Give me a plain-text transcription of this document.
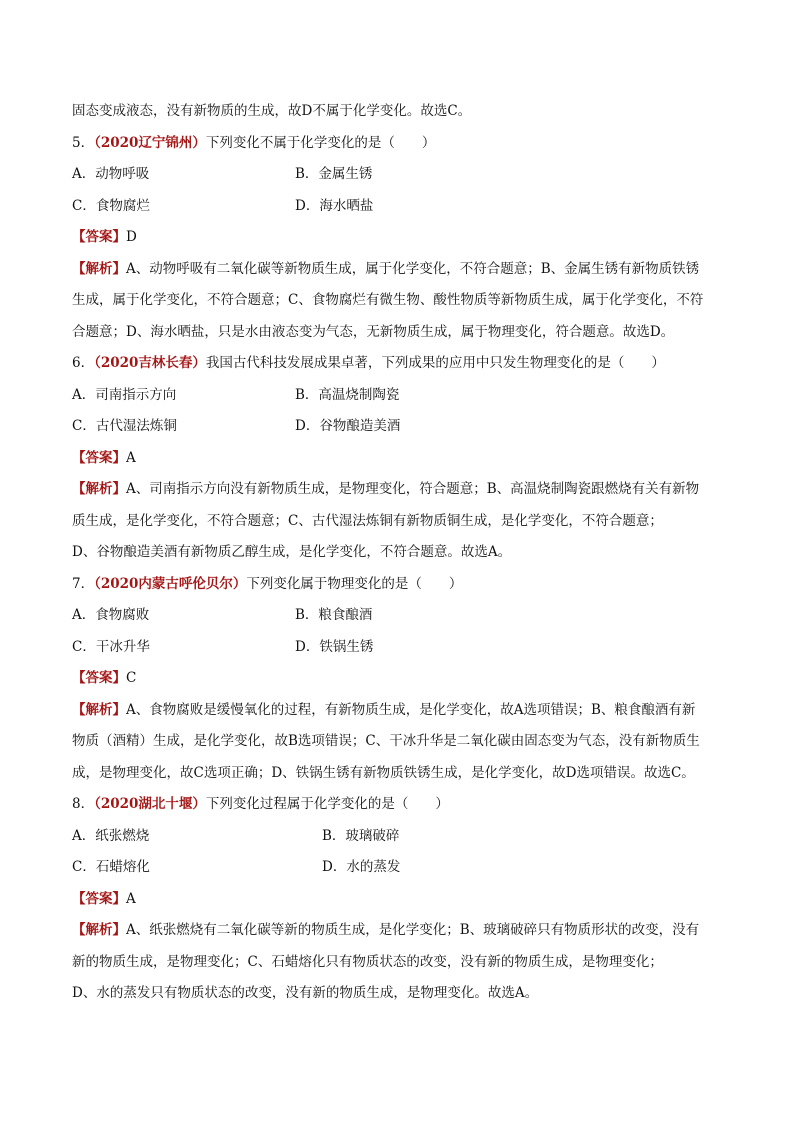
固态变成液态，没有新物质的生成，故D不属于化学变化。故选C。
5．（2020辽宁锦州）下列变化不属于化学变化的是（　　）
A．动物呼吸	B．金属生锈
C．食物腐烂	D．海水晒盐
【答案】D
【解析】A、动物呼吸有二氧化碳等新物质生成，属于化学变化，不符合题意；B、金属生锈有新物质铁锈
生成，属于化学变化，不符合题意；C、食物腐烂有微生物、酸性物质等新物质生成，属于化学变化，不符
合题意；D、海水晒盐，只是水由液态变为气态，无新物质生成，属于物理变化，符合题意。故选D。
6．（2020吉林长春）我国古代科技发展成果卓著，下列成果的应用中只发生物理变化的是（　　）
A．司南指示方向	B．高温烧制陶瓷
C．古代湿法炼铜	D．谷物酿造美酒
【答案】A
【解析】A、司南指示方向没有新物质生成，是物理变化，符合题意；B、高温烧制陶瓷跟燃烧有关有新物
质生成，是化学变化，不符合题意；C、古代湿法炼铜有新物质铜生成，是化学变化，不符合题意；
D、谷物酿造美酒有新物质乙醇生成，是化学变化，不符合题意。故选A。
7．（2020内蒙古呼伦贝尔）下列变化属于物理变化的是（　　）
A．食物腐败	B．粮食酿酒
C．干冰升华	D．铁锅生锈
【答案】C
【解析】A、食物腐败是缓慢氧化的过程，有新物质生成，是化学变化，故A选项错误；B、粮食酿酒有新
物质（酒精）生成，是化学变化，故B选项错误；C、干冰升华是二氧化碳由固态变为气态，没有新物质生
成，是物理变化，故C选项正确；D、铁锅生锈有新物质铁锈生成，是化学变化，故D选项错误。故选C。
8．（2020湖北十堰）下列变化过程属于化学变化的是（　　）
A．纸张燃烧	B．玻璃破碎
C．石蜡熔化	D．水的蒸发
【答案】A
【解析】A、纸张燃烧有二氧化碳等新的物质生成，是化学变化；B、玻璃破碎只有物质形状的改变，没有
新的物质生成，是物理变化；C、石蜡熔化只有物质状态的改变，没有新的物质生成，是物理变化；
D、水的蒸发只有物质状态的改变，没有新的物质生成，是物理变化。故选A。
